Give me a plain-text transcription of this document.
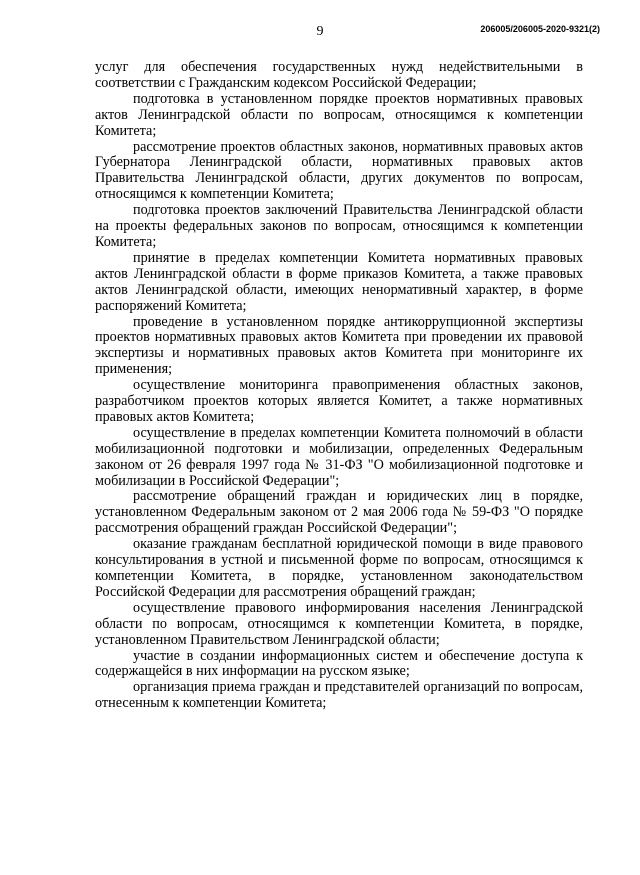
9	206005/206005-2020-9321(2)

услуг для обеспечения государственных нужд недействительными в соответствии с Гражданским кодексом Российской Федерации;

подготовка в установленном порядке проектов нормативных правовых актов Ленинградской области по вопросам, относящимся к компетенции Комитета;

рассмотрение проектов областных законов, нормативных правовых актов Губернатора Ленинградской области, нормативных правовых актов Правительства Ленинградской области, других документов по вопросам, относящимся к компетенции Комитета;

подготовка проектов заключений Правительства Ленинградской области на проекты федеральных законов по вопросам, относящимся к компетенции Комитета;

принятие в пределах компетенции Комитета нормативных правовых актов Ленинградской области в форме приказов Комитета, а также правовых актов Ленинградской области, имеющих ненормативный характер, в форме распоряжений Комитета;

проведение в установленном порядке антикоррупционной экспертизы проектов нормативных правовых актов Комитета при проведении их правовой экспертизы и нормативных правовых актов Комитета при мониторинге их применения;

осуществление мониторинга правоприменения областных законов, разработчиком проектов которых является Комитет, а также нормативных правовых актов Комитета;

осуществление в пределах компетенции Комитета полномочий в области мобилизационной подготовки и мобилизации, определенных Федеральным законом от 26 февраля 1997 года № 31-ФЗ "О мобилизационной подготовке и мобилизации в Российской Федерации";

рассмотрение обращений граждан и юридических лиц в порядке, установленном Федеральным законом от 2 мая 2006 года № 59-ФЗ "О порядке рассмотрения обращений граждан Российской Федерации";

оказание гражданам бесплатной юридической помощи в виде правового консультирования в устной и письменной форме по вопросам, относящимся к компетенции Комитета, в порядке, установленном законодательством Российской Федерации для рассмотрения обращений граждан;

осуществление правового информирования населения Ленинградской области по вопросам, относящимся к компетенции Комитета, в порядке, установленном Правительством Ленинградской области;

участие в создании информационных систем и обеспечение доступа к содержащейся в них информации на русском языке;

организация приема граждан и представителей организаций по вопросам, отнесенным к компетенции Комитета;
